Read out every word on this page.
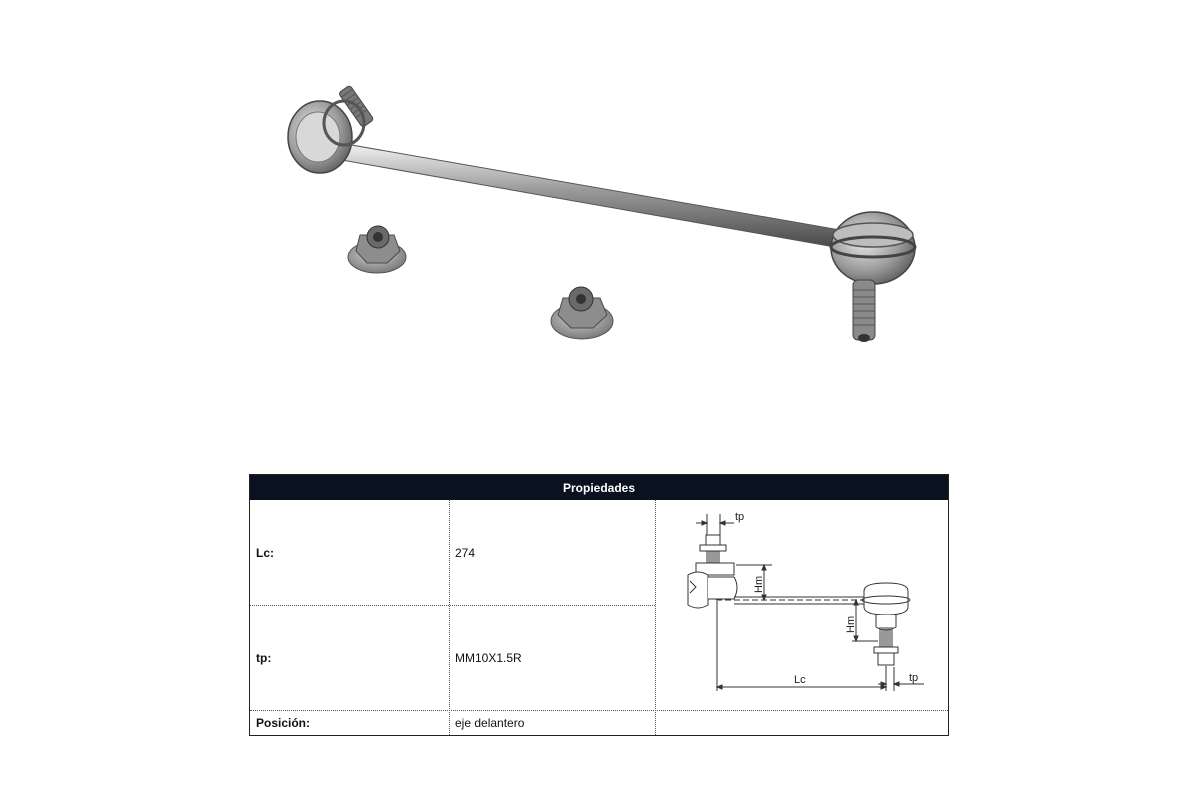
Propiedades
Lc:	274
tp:	MM10X1.5R
Posición:	eje delantero
tp
Hm
Hm
Lc	tp
